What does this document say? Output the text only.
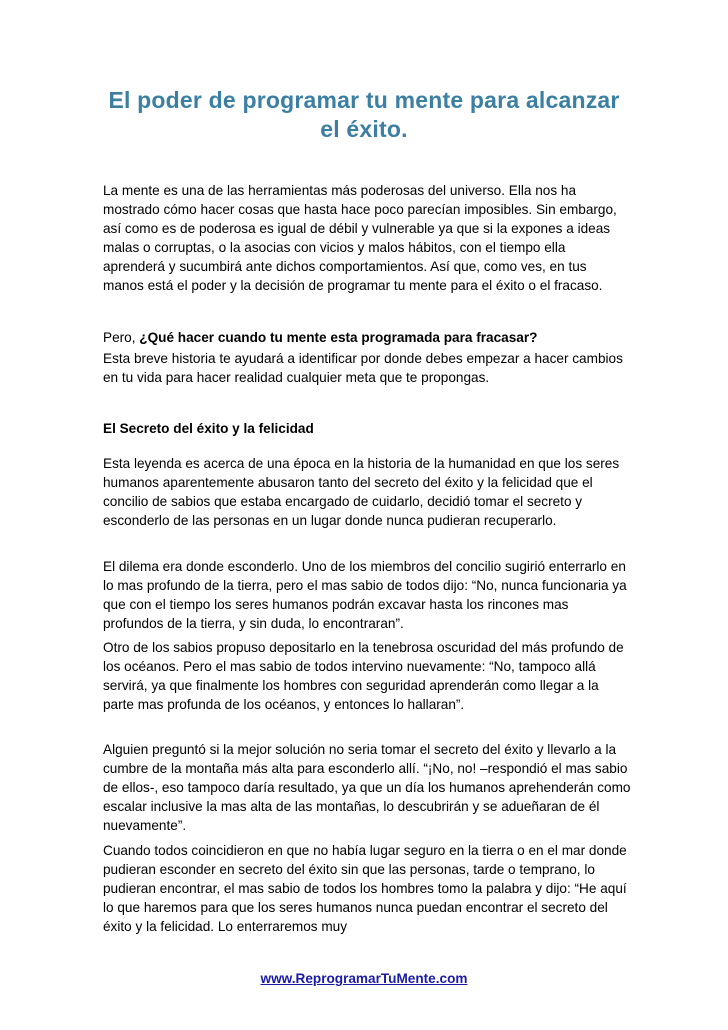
El poder de programar tu mente para alcanzar el éxito.

La mente es una de las herramientas más poderosas del universo. Ella nos ha mostrado cómo hacer cosas que hasta hace poco parecían imposibles. Sin embargo, así como es de poderosa es igual de débil y vulnerable ya que si la expones a ideas malas o corruptas, o la asocias con vicios y malos hábitos, con el tiempo ella aprenderá y sucumbirá ante dichos comportamientos. Así que, como ves, en tus manos está el poder y la decisión de programar tu mente para el éxito o el fracaso.

Pero, ¿Qué hacer cuando tu mente esta programada para fracasar?

Esta breve historia te ayudará a identificar por donde debes empezar a hacer cambios en tu vida para hacer realidad cualquier meta que te propongas.

El Secreto del éxito y la felicidad

Esta leyenda es acerca de una época en la historia de la humanidad en que los seres humanos aparentemente abusaron tanto del secreto del éxito y la felicidad que el concilio de sabios que estaba encargado de cuidarlo, decidió tomar el secreto y esconderlo de las personas en un lugar donde nunca pudieran recuperarlo.

El dilema era donde esconderlo. Uno de los miembros del concilio sugirió enterrarlo en lo mas profundo de la tierra, pero el mas sabio de todos dijo: “No, nunca funcionaria ya que con el tiempo los seres humanos podrán excavar hasta los rincones mas profundos de la tierra, y sin duda, lo encontraran”.

Otro de los sabios propuso depositarlo en la tenebrosa oscuridad del más profundo de los océanos. Pero el mas sabio de todos intervino nuevamente: “No, tampoco allá servirá, ya que finalmente los hombres con seguridad aprenderán como llegar a la parte mas profunda de los océanos, y entonces lo hallaran”.

Alguien preguntó si la mejor solución no seria tomar el secreto del éxito y llevarlo a la cumbre de la montaña más alta para esconderlo allí. “¡No, no! –respondió el mas sabio de ellos-, eso tampoco daría resultado, ya que un día los humanos aprehenderán como escalar inclusive la mas alta de las montañas, lo descubrirán y se adueñaran de él nuevamente”.

Cuando todos coincidieron en que no había lugar seguro en la tierra o en el mar donde pudieran esconder en secreto del éxito sin que las personas, tarde o temprano, lo pudieran encontrar, el mas sabio de todos los hombres tomo la palabra y dijo: “He aquí lo que haremos para que los seres humanos nunca puedan encontrar el secreto del éxito y la felicidad. Lo enterraremos muy

www.ReprogramarTuMente.com
